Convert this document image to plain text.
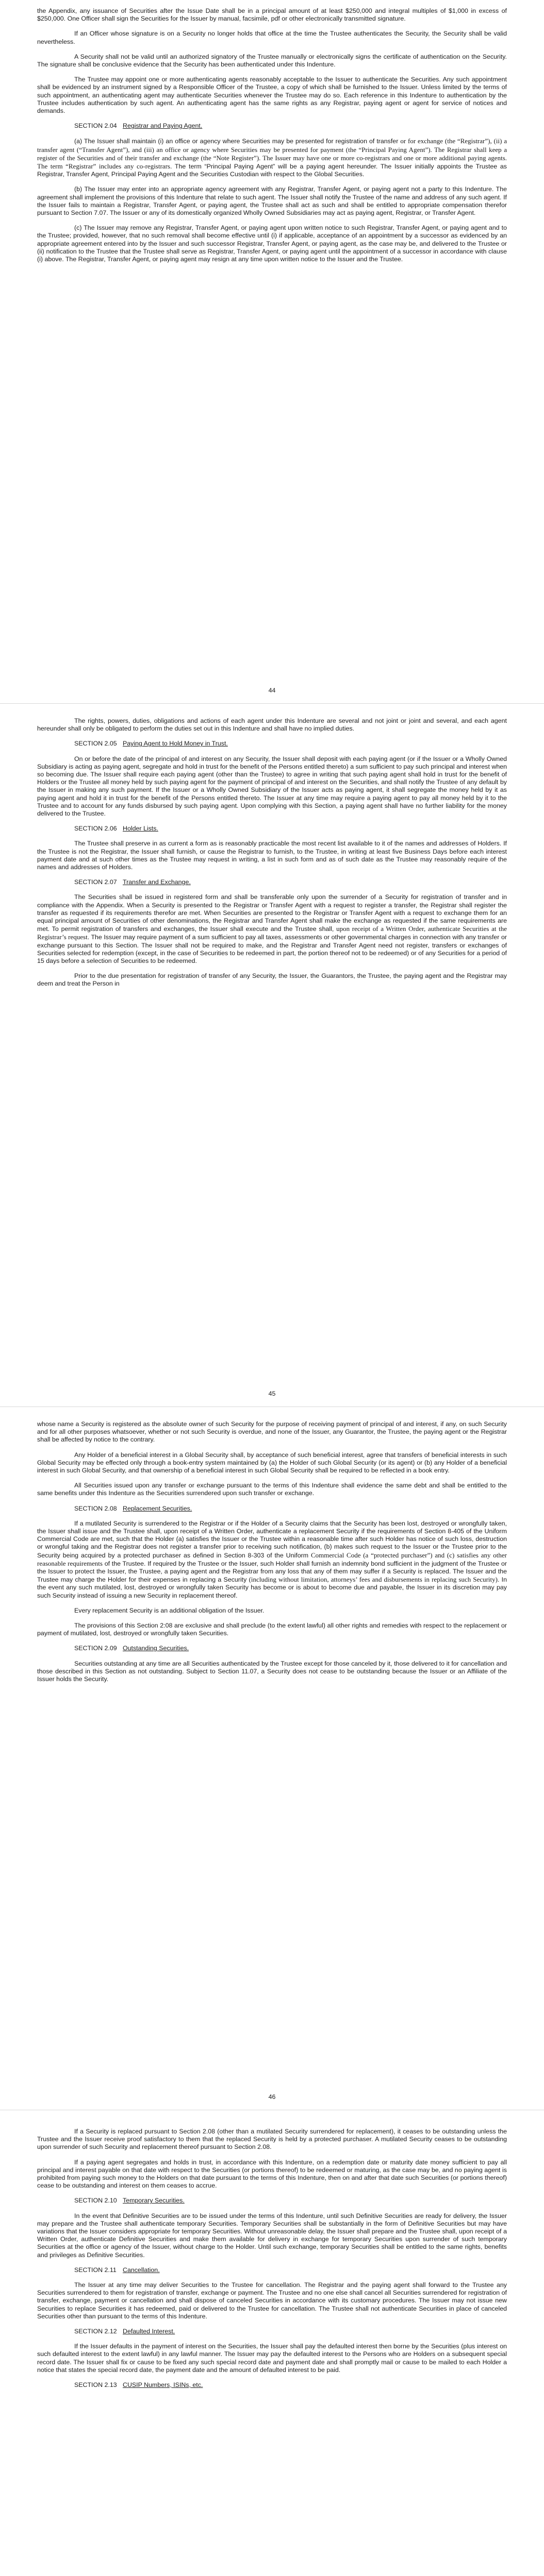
the Appendix, any issuance of Securities after the Issue Date shall be in a principal amount of at least $250,000 and integral multiples of $1,000 in excess of $250,000. One Officer shall sign the Securities for the Issuer by manual, facsimile, pdf or other electronically transmitted signature.

If an Officer whose signature is on a Security no longer holds that office at the time the Trustee authenticates the Security, the Security shall be valid nevertheless.

A Security shall not be valid until an authorized signatory of the Trustee manually or electronically signs the certificate of authentication on the Security. The signature shall be conclusive evidence that the Security has been authenticated under this Indenture.

The Trustee may appoint one or more authenticating agents reasonably acceptable to the Issuer to authenticate the Securities. Any such appointment shall be evidenced by an instrument signed by a Responsible Officer of the Trustee, a copy of which shall be furnished to the Issuer. Unless limited by the terms of such appointment, an authenticating agent may authenticate Securities whenever the Trustee may do so. Each reference in this Indenture to authentication by the Trustee includes authentication by such agent. An authenticating agent has the same rights as any Registrar, paying agent or agent for service of notices and demands.

SECTION 2.04 Registrar and Paying Agent.

(a) The Issuer shall maintain (i) an office or agency where Securities may be presented for registration of transfer or for exchange (the “Registrar”), (ii) a transfer agent (“Transfer Agent”), and (iii) an office or agency where Securities may be presented for payment (the “Principal Paying Agent”). The Registrar shall keep a register of the Securities and of their transfer and exchange (the “Note Register”). The Issuer may have one or more co-registrars and one or more additional paying agents. The term “Registrar” includes any co-registrars. The term “Principal Paying Agent” will be a paying agent hereunder. The Issuer initially appoints the Trustee as Registrar, Transfer Agent, Principal Paying Agent and the Securities Custodian with respect to the Global Securities.

(b) The Issuer may enter into an appropriate agency agreement with any Registrar, Transfer Agent, or paying agent not a party to this Indenture. The agreement shall implement the provisions of this Indenture that relate to such agent. The Issuer shall notify the Trustee of the name and address of any such agent. If the Issuer fails to maintain a Registrar, Transfer Agent, or paying agent, the Trustee shall act as such and shall be entitled to appropriate compensation therefor pursuant to Section 7.07. The Issuer or any of its domestically organized Wholly Owned Subsidiaries may act as paying agent, Registrar, or Transfer Agent.

(c) The Issuer may remove any Registrar, Transfer Agent, or paying agent upon written notice to such Registrar, Transfer Agent, or paying agent and to the Trustee; provided, however, that no such removal shall become effective until (i) if applicable, acceptance of an appointment by a successor as evidenced by an appropriate agreement entered into by the Issuer and such successor Registrar, Transfer Agent, or paying agent, as the case may be, and delivered to the Trustee or (ii) notification to the Trustee that the Trustee shall serve as Registrar, Transfer Agent, or paying agent until the appointment of a successor in accordance with clause (i) above. The Registrar, Transfer Agent, or paying agent may resign at any time upon written notice to the Issuer and the Trustee.

44

The rights, powers, duties, obligations and actions of each agent under this Indenture are several and not joint or joint and several, and each agent hereunder shall only be obligated to perform the duties set out in this Indenture and shall have no implied duties.

SECTION 2.05 Paying Agent to Hold Money in Trust.

On or before the date of the principal of and interest on any Security, the Issuer shall deposit with each paying agent (or if the Issuer or a Wholly Owned Subsidiary is acting as paying agent, segregate and hold in trust for the benefit of the Persons entitled thereto) a sum sufficient to pay such principal and interest when so becoming due. The Issuer shall require each paying agent (other than the Trustee) to agree in writing that such paying agent shall hold in trust for the benefit of Holders or the Trustee all money held by such paying agent for the payment of principal of and interest on the Securities, and shall notify the Trustee of any default by the Issuer in making any such payment. If the Issuer or a Wholly Owned Subsidiary of the Issuer acts as paying agent, it shall segregate the money held by it as paying agent and hold it in trust for the benefit of the Persons entitled thereto. The Issuer at any time may require a paying agent to pay all money held by it to the Trustee and to account for any funds disbursed by such paying agent. Upon complying with this Section, a paying agent shall have no further liability for the money delivered to the Trustee.

SECTION 2.06 Holder Lists.

The Trustee shall preserve in as current a form as is reasonably practicable the most recent list available to it of the names and addresses of Holders. If the Trustee is not the Registrar, the Issuer shall furnish, or cause the Registrar to furnish, to the Trustee, in writing at least five Business Days before each interest payment date and at such other times as the Trustee may request in writing, a list in such form and as of such date as the Trustee may reasonably require of the names and addresses of Holders.

SECTION 2.07 Transfer and Exchange.

The Securities shall be issued in registered form and shall be transferable only upon the surrender of a Security for registration of transfer and in compliance with the Appendix. When a Security is presented to the Registrar or Transfer Agent with a request to register a transfer, the Registrar shall register the transfer as requested if its requirements therefor are met. When Securities are presented to the Registrar or Transfer Agent with a request to exchange them for an equal principal amount of Securities of other denominations, the Registrar and Transfer Agent shall make the exchange as requested if the same requirements are met. To permit registration of transfers and exchanges, the Issuer shall execute and the Trustee shall, upon receipt of a Written Order, authenticate Securities at the Registrar’s request. The Issuer may require payment of a sum sufficient to pay all taxes, assessments or other governmental charges in connection with any transfer or exchange pursuant to this Section. The Issuer shall not be required to make, and the Registrar and Transfer Agent need not register, transfers or exchanges of Securities selected for redemption (except, in the case of Securities to be redeemed in part, the portion thereof not to be redeemed) or of any Securities for a period of 15 days before a selection of Securities to be redeemed.

Prior to the due presentation for registration of transfer of any Security, the Issuer, the Guarantors, the Trustee, the paying agent and the Registrar may deem and treat the Person in

45

whose name a Security is registered as the absolute owner of such Security for the purpose of receiving payment of principal of and interest, if any, on such Security and for all other purposes whatsoever, whether or not such Security is overdue, and none of the Issuer, any Guarantor, the Trustee, the paying agent or the Registrar shall be affected by notice to the contrary.

Any Holder of a beneficial interest in a Global Security shall, by acceptance of such beneficial interest, agree that transfers of beneficial interests in such Global Security may be effected only through a book-entry system maintained by (a) the Holder of such Global Security (or its agent) or (b) any Holder of a beneficial interest in such Global Security, and that ownership of a beneficial interest in such Global Security shall be required to be reflected in a book entry.

All Securities issued upon any transfer or exchange pursuant to the terms of this Indenture shall evidence the same debt and shall be entitled to the same benefits under this Indenture as the Securities surrendered upon such transfer or exchange.

SECTION 2.08 Replacement Securities.

If a mutilated Security is surrendered to the Registrar or if the Holder of a Security claims that the Security has been lost, destroyed or wrongfully taken, the Issuer shall issue and the Trustee shall, upon receipt of a Written Order, authenticate a replacement Security if the requirements of Section 8-405 of the Uniform Commercial Code are met, such that the Holder (a) satisfies the Issuer or the Trustee within a reasonable time after such Holder has notice of such loss, destruction or wrongful taking and the Registrar does not register a transfer prior to receiving such notification, (b) makes such request to the Issuer or the Trustee prior to the Security being acquired by a protected purchaser as defined in Section 8-303 of the Uniform Commercial Code (a “protected purchaser”) and (c) satisfies any other reasonable requirements of the Trustee. If required by the Trustee or the Issuer, such Holder shall furnish an indemnity bond sufficient in the judgment of the Trustee or the Issuer to protect the Issuer, the Trustee, a paying agent and the Registrar from any loss that any of them may suffer if a Security is replaced. The Issuer and the Trustee may charge the Holder for their expenses in replacing a Security (including without limitation, attorneys’ fees and disbursements in replacing such Security). In the event any such mutilated, lost, destroyed or wrongfully taken Security has become or is about to become due and payable, the Issuer in its discretion may pay such Security instead of issuing a new Security in replacement thereof.

Every replacement Security is an additional obligation of the Issuer.

The provisions of this Section 2:08 are exclusive and shall preclude (to the extent lawful) all other rights and remedies with respect to the replacement or payment of mutilated, lost, destroyed or wrongfully taken Securities.

SECTION 2.09 Outstanding Securities.

Securities outstanding at any time are all Securities authenticated by the Trustee except for those canceled by it, those delivered to it for cancellation and those described in this Section as not outstanding. Subject to Section 11.07, a Security does not cease to be outstanding because the Issuer or an Affiliate of the Issuer holds the Security.

46

If a Security is replaced pursuant to Section 2.08 (other than a mutilated Security surrendered for replacement), it ceases to be outstanding unless the Trustee and the Issuer receive proof satisfactory to them that the replaced Security is held by a protected purchaser. A mutilated Security ceases to be outstanding upon surrender of such Security and replacement thereof pursuant to Section 2.08.

If a paying agent segregates and holds in trust, in accordance with this Indenture, on a redemption date or maturity date money sufficient to pay all principal and interest payable on that date with respect to the Securities (or portions thereof) to be redeemed or maturing, as the case may be, and no paying agent is prohibited from paying such money to the Holders on that date pursuant to the terms of this Indenture, then on and after that date such Securities (or portions thereof) cease to be outstanding and interest on them ceases to accrue.

SECTION 2.10 Temporary Securities.

In the event that Definitive Securities are to be issued under the terms of this Indenture, until such Definitive Securities are ready for delivery, the Issuer may prepare and the Trustee shall authenticate temporary Securities. Temporary Securities shall be substantially in the form of Definitive Securities but may have variations that the Issuer considers appropriate for temporary Securities. Without unreasonable delay, the Issuer shall prepare and the Trustee shall, upon receipt of a Written Order, authenticate Definitive Securities and make them available for delivery in exchange for temporary Securities upon surrender of such temporary Securities at the office or agency of the Issuer, without charge to the Holder. Until such exchange, temporary Securities shall be entitled to the same rights, benefits and privileges as Definitive Securities.

SECTION 2.11 Cancellation.

The Issuer at any time may deliver Securities to the Trustee for cancellation. The Registrar and the paying agent shall forward to the Trustee any Securities surrendered to them for registration of transfer, exchange or payment. The Trustee and no one else shall cancel all Securities surrendered for registration of transfer, exchange, payment or cancellation and shall dispose of canceled Securities in accordance with its customary procedures. The Issuer may not issue new Securities to replace Securities it has redeemed, paid or delivered to the Trustee for cancellation. The Trustee shall not authenticate Securities in place of canceled Securities other than pursuant to the terms of this Indenture.

SECTION 2.12 Defaulted Interest.

If the Issuer defaults in the payment of interest on the Securities, the Issuer shall pay the defaulted interest then borne by the Securities (plus interest on such defaulted interest to the extent lawful) in any lawful manner. The Issuer may pay the defaulted interest to the Persons who are Holders on a subsequent special record date. The Issuer shall fix or cause to be fixed any such special record date and payment date and shall promptly mail or cause to be mailed to each Holder a notice that states the special record date, the payment date and the amount of defaulted interest to be paid.

SECTION 2.13 CUSIP Numbers, ISINs, etc.
